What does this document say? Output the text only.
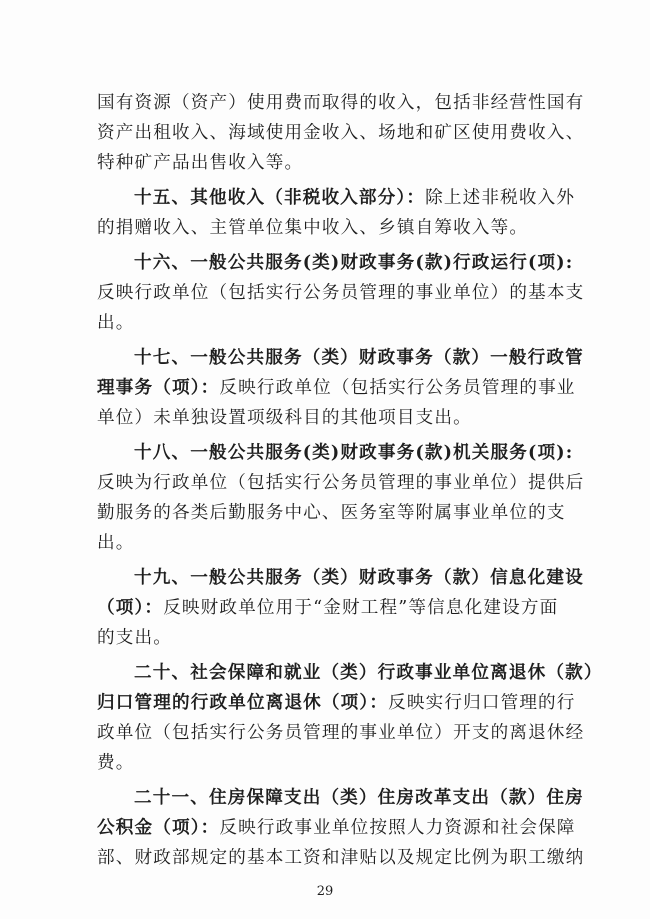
国有资源（资产）使用费而取得的收入，包括非经营性国有
资产出租收入、海域使用金收入、场地和矿区使用费收入、
特种矿产品出售收入等。
十五、其他收入（非税收入部分）：除上述非税收入外
的捐赠收入、主管单位集中收入、乡镇自筹收入等。
十六、一般公共服务(类)财政事务(款)行政运行(项):
反映行政单位（包括实行公务员管理的事业单位）的基本支
出。
十七、一般公共服务（类）财政事务（款）一般行政管
理事务（项）：反映行政单位（包括实行公务员管理的事业
单位）未单独设置项级科目的其他项目支出。
十八、一般公共服务(类)财政事务(款)机关服务(项):
反映为行政单位（包括实行公务员管理的事业单位）提供后
勤服务的各类后勤服务中心、医务室等附属事业单位的支
出。
十九、一般公共服务（类）财政事务（款）信息化建设
（项）：反映财政单位用于“金财工程”等信息化建设方面
的支出。
二十、社会保障和就业（类）行政事业单位离退休（款）
归口管理的行政单位离退休（项）：反映实行归口管理的行
政单位（包括实行公务员管理的事业单位）开支的离退休经
费。
二十一、住房保障支出（类）住房改革支出（款）住房
公积金（项）：反映行政事业单位按照人力资源和社会保障
部、财政部规定的基本工资和津贴以及规定比例为职工缴纳
29
